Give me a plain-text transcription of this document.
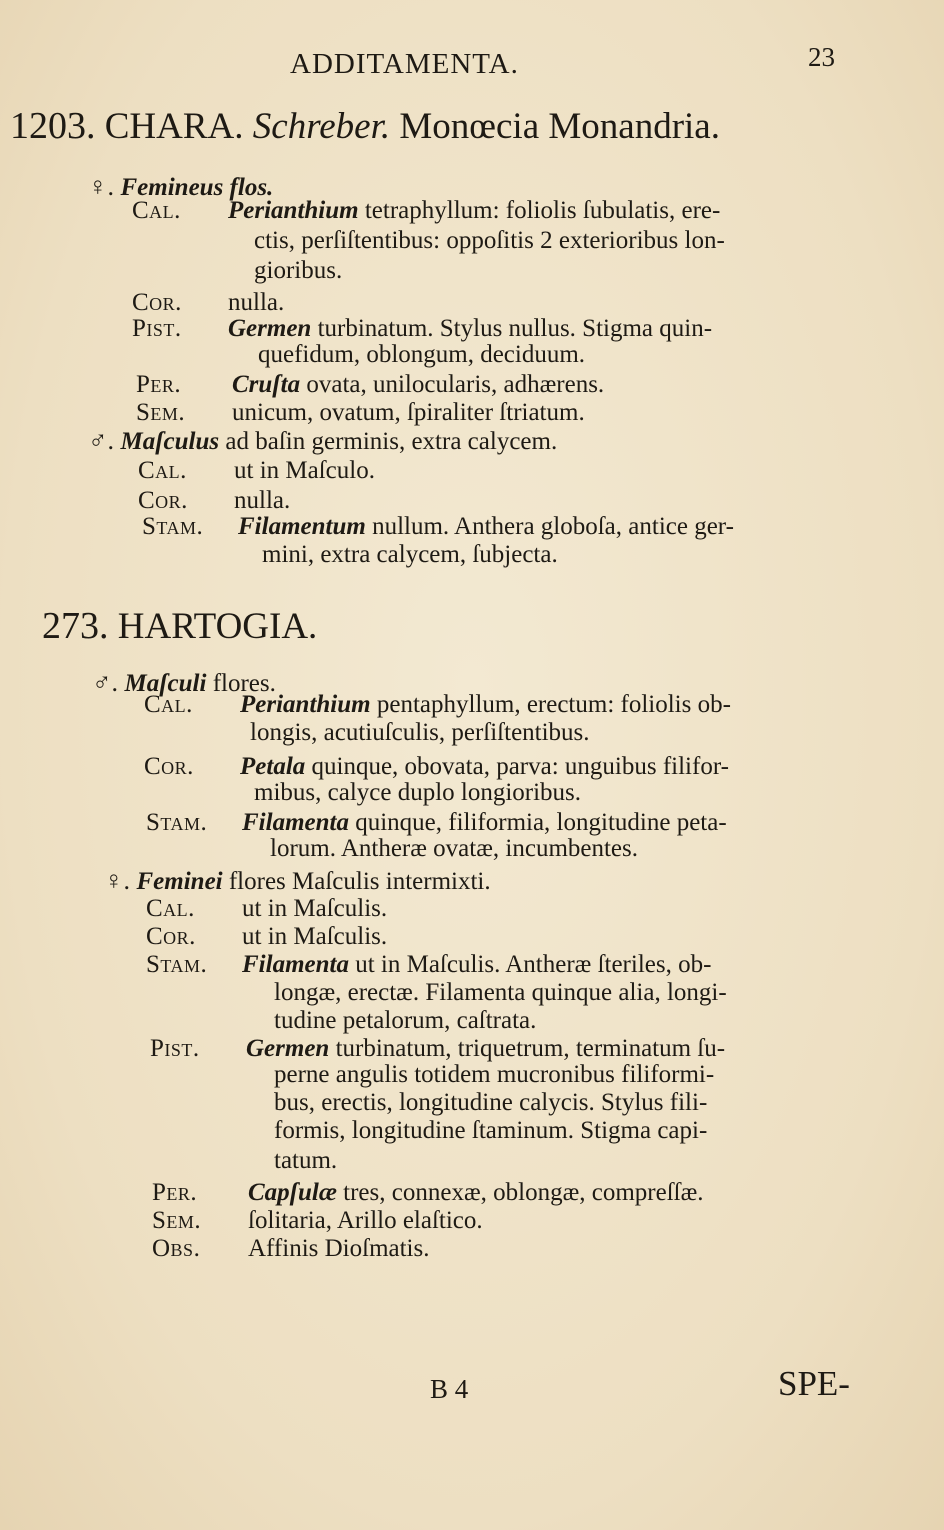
ADDITAMENTA.	23
1203. CHARA. Schreber. Monœcia Monandria.
♀. Femineus flos.
Cal. Perianthium tetraphyllum: foliolis ſubulatis, ere-
ctis, perſiſtentibus: oppoſitis 2 exterioribus lon-
gioribus.
Cor. nulla.
Pist. Germen turbinatum. Stylus nullus. Stigma quin-
quefidum, oblongum, deciduum.
Per. Cruſta ovata, unilocularis, adhærens.
Sem. unicum, ovatum, ſpiraliter ſtriatum.
♂. Maſculus ad baſin germinis, extra calycem.
Cal. ut in Maſculo.
Cor. nulla.
Stam. Filamentum nullum. Anthera globoſa, antice ger-
mini, extra calycem, ſubjecta.
273. HARTOGIA.
♂. Maſculi flores.
Cal. Perianthium pentaphyllum, erectum: foliolis ob-
longis, acutiuſculis, perſiſtentibus.
Cor. Petala quinque, obovata, parva: unguibus filifor-
mibus, calyce duplo longioribus.
Stam. Filamenta quinque, filiformia, longitudine peta-
lorum. Antheræ ovatæ, incumbentes.
♀. Feminei flores Maſculis intermixti.
Cal. ut in Maſculis.
Cor. ut in Maſculis.
Stam. Filamenta ut in Maſculis. Antheræ ſteriles, ob-
longæ, erectæ. Filamenta quinque alia, longi-
tudine petalorum, caſtrata.
Pist. Germen turbinatum, triquetrum, terminatum ſu-
perne angulis totidem mucronibus filiformi-
bus, erectis, longitudine calycis. Stylus fili-
formis, longitudine ſtaminum. Stigma capi-
tatum.
Per. Capſulæ tres, connexæ, oblongæ, compreſſæ.
Sem. ſolitaria, Arillo elaſtico.
Obs. Affinis Dioſmatis.
B 4	SPE-
